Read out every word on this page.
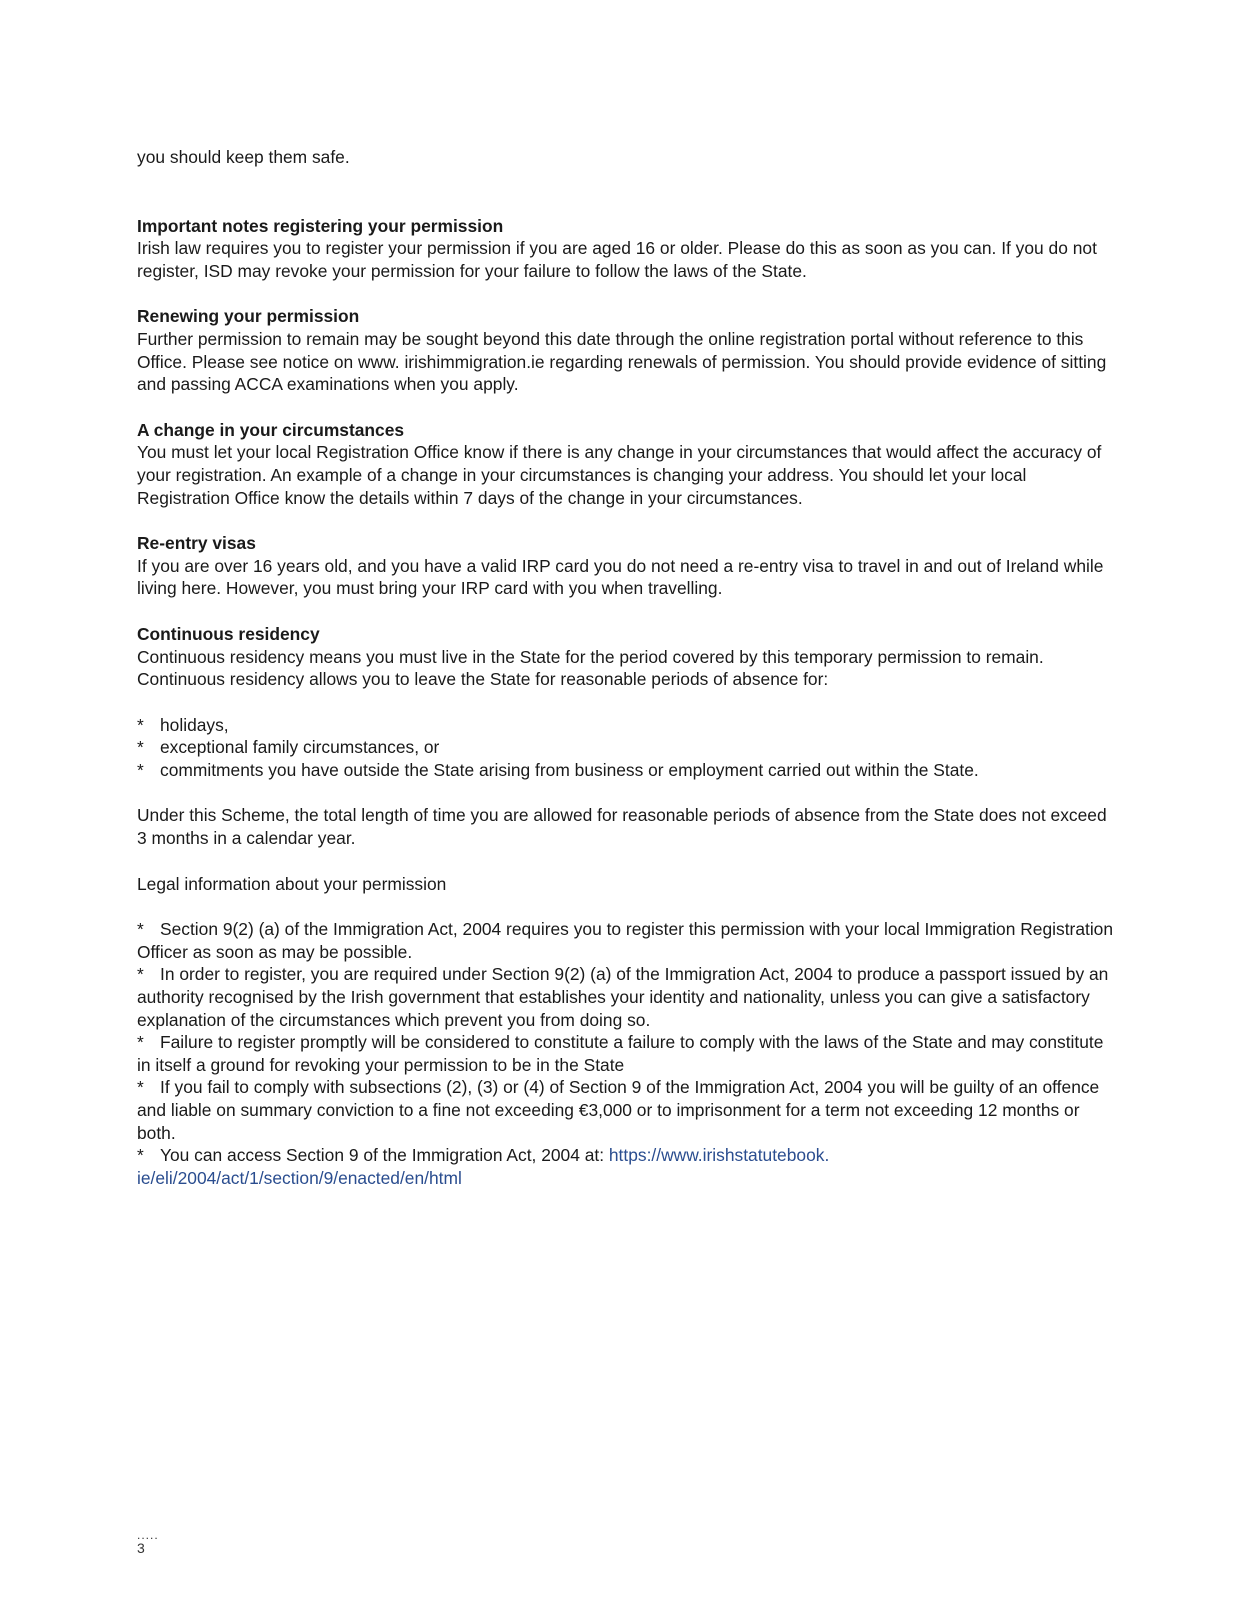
you should keep them safe.

Important notes registering your permission

Irish law requires you to register your permission if you are aged 16 or older. Please do this as soon as you can. If you do not register, ISD may revoke your permission for your failure to follow the laws of the State.

Renewing your permission

Further permission to remain may be sought beyond this date through the online registration portal without reference to this Office. Please see notice on www. irishimmigration.ie regarding renewals of permission. You should provide evidence of sitting and passing ACCA examinations when you apply.

A change in your circumstances

You must let your local Registration Office know if there is any change in your circumstances that would affect the accuracy of your registration. An example of a change in your circumstances is changing your address. You should let your local Registration Office know the details within 7 days of the change in your circumstances.

Re-entry visas

If you are over 16 years old, and you have a valid IRP card you do not need a re-entry visa to travel in and out of Ireland while living here. However, you must bring your IRP card with you when travelling.

Continuous residency

Continuous residency means you must live in the State for the period covered by this temporary permission to remain. Continuous residency allows you to leave the State for reasonable periods of absence for:

* holidays,
* exceptional family circumstances, or
* commitments you have outside the State arising from business or employment carried out within the State.

Under this Scheme, the total length of time you are allowed for reasonable periods of absence from the State does not exceed 3 months in a calendar year.

Legal information about your permission

* Section 9(2) (a) of the Immigration Act, 2004 requires you to register this permission with your local Immigration Registration Officer as soon as may be possible.

* In order to register, you are required under Section 9(2) (a) of the Immigration Act, 2004 to produce a passport issued by an authority recognised by the Irish government that establishes your identity and nationality, unless you can give a satisfactory explanation of the circumstances which prevent you from doing so.

* Failure to register promptly will be considered to constitute a failure to comply with the laws of the State and may constitute in itself a ground for revoking your permission to be in the State

* If you fail to comply with subsections (2), (3) or (4) of Section 9 of the Immigration Act, 2004 you will be guilty of an offence and liable on summary conviction to a fine not exceeding €3,000 or to imprisonment for a term not exceeding 12 months or both.

* You can access Section 9 of the Immigration Act, 2004 at: https://www.irishstatutebook.
ie/eli/2004/act/1/section/9/enacted/en/html

.....
3
